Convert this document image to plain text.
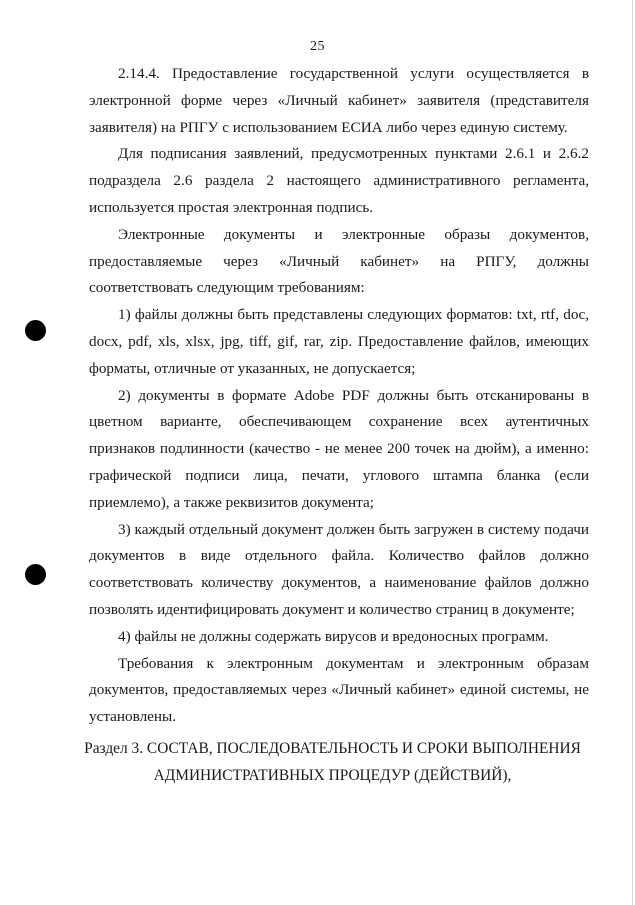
25

2.14.4. Предоставление государственной услуги осуществляется в электронной форме через «Личный кабинет» заявителя (представителя заявителя) на РПГУ с использованием ЕСИА либо через единую систему.

Для подписания заявлений, предусмотренных пунктами 2.6.1 и 2.6.2 подраздела 2.6 раздела 2 настоящего административного регламента, используется простая электронная подпись.

Электронные документы и электронные образы документов, предоставляемые через «Личный кабинет» на РПГУ, должны соответствовать следующим требованиям:

1) файлы должны быть представлены следующих форматов: txt, rtf, doc, docx, pdf, xls, xlsx, jpg, tiff, gif, rar, zip. Предоставление файлов, имеющих форматы, отличные от указанных, не допускается;

2) документы в формате Adobe PDF должны быть отсканированы в цветном варианте, обеспечивающем сохранение всех аутентичных признаков подлинности (качество - не менее 200 точек на дюйм), а именно: графической подписи лица, печати, углового штампа бланка (если приемлемо), а также реквизитов документа;

3) каждый отдельный документ должен быть загружен в систему подачи документов в виде отдельного файла. Количество файлов должно соответствовать количеству документов, а наименование файлов должно позволять идентифицировать документ и количество страниц в документе;

4) файлы не должны содержать вирусов и вредоносных программ.

Требования к электронным документам и электронным образам документов, предоставляемых через «Личный кабинет» единой системы, не установлены.

Раздел 3. СОСТАВ, ПОСЛЕДОВАТЕЛЬНОСТЬ И СРОКИ ВЫПОЛНЕНИЯ
АДМИНИСТРАТИВНЫХ ПРОЦЕДУР (ДЕЙСТВИЙ),
